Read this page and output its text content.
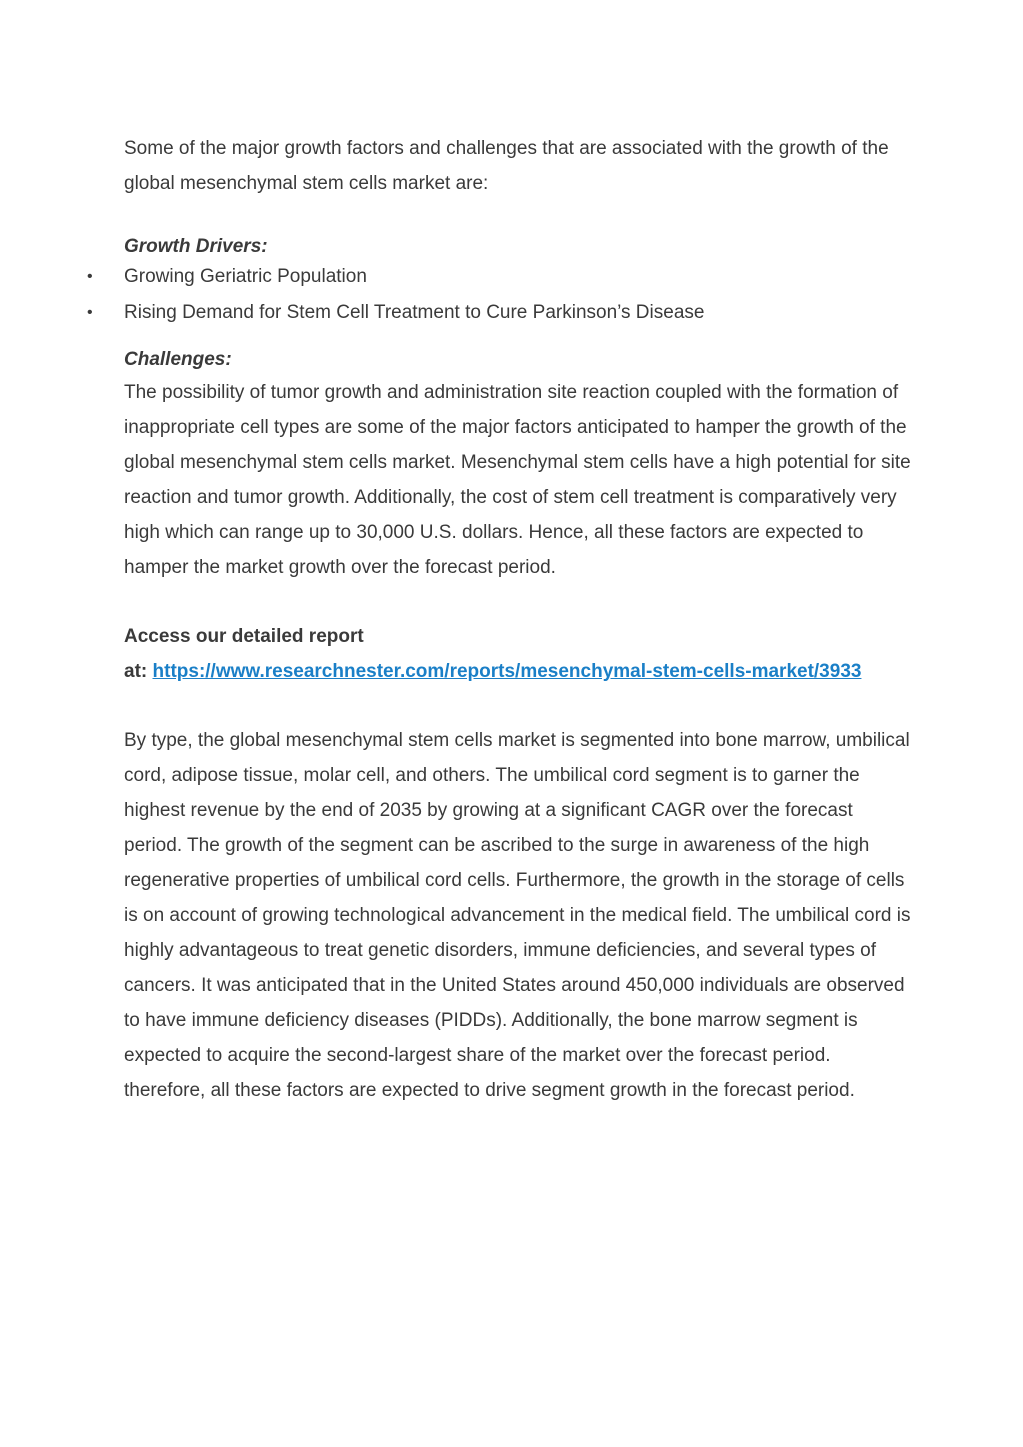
Some of the major growth factors and challenges that are associated with the growth of the global mesenchymal stem cells market are:

Growth Drivers:

• Growing Geriatric Population
• Rising Demand for Stem Cell Treatment to Cure Parkinson’s Disease

Challenges:

The possibility of tumor growth and administration site reaction coupled with the formation of inappropriate cell types are some of the major factors anticipated to hamper the growth of the global mesenchymal stem cells market. Mesenchymal stem cells have a high potential for site reaction and tumor growth. Additionally, the cost of stem cell treatment is comparatively very high which can range up to 30,000 U.S. dollars. Hence, all these factors are expected to hamper the market growth over the forecast period.

Access our detailed report
at: https://www.researchnester.com/reports/mesenchymal-stem-cells-market/3933

By type, the global mesenchymal stem cells market is segmented into bone marrow, umbilical cord, adipose tissue, molar cell, and others. The umbilical cord segment is to garner the highest revenue by the end of 2035 by growing at a significant CAGR over the forecast period. The growth of the segment can be ascribed to the surge in awareness of the high regenerative properties of umbilical cord cells. Furthermore, the growth in the storage of cells is on account of growing technological advancement in the medical field. The umbilical cord is highly advantageous to treat genetic disorders, immune deficiencies, and several types of cancers. It was anticipated that in the United States around 450,000 individuals are observed to have immune deficiency diseases (PIDDs). Additionally, the bone marrow segment is expected to acquire the second-largest share of the market over the forecast period. therefore, all these factors are expected to drive segment growth in the forecast period.
